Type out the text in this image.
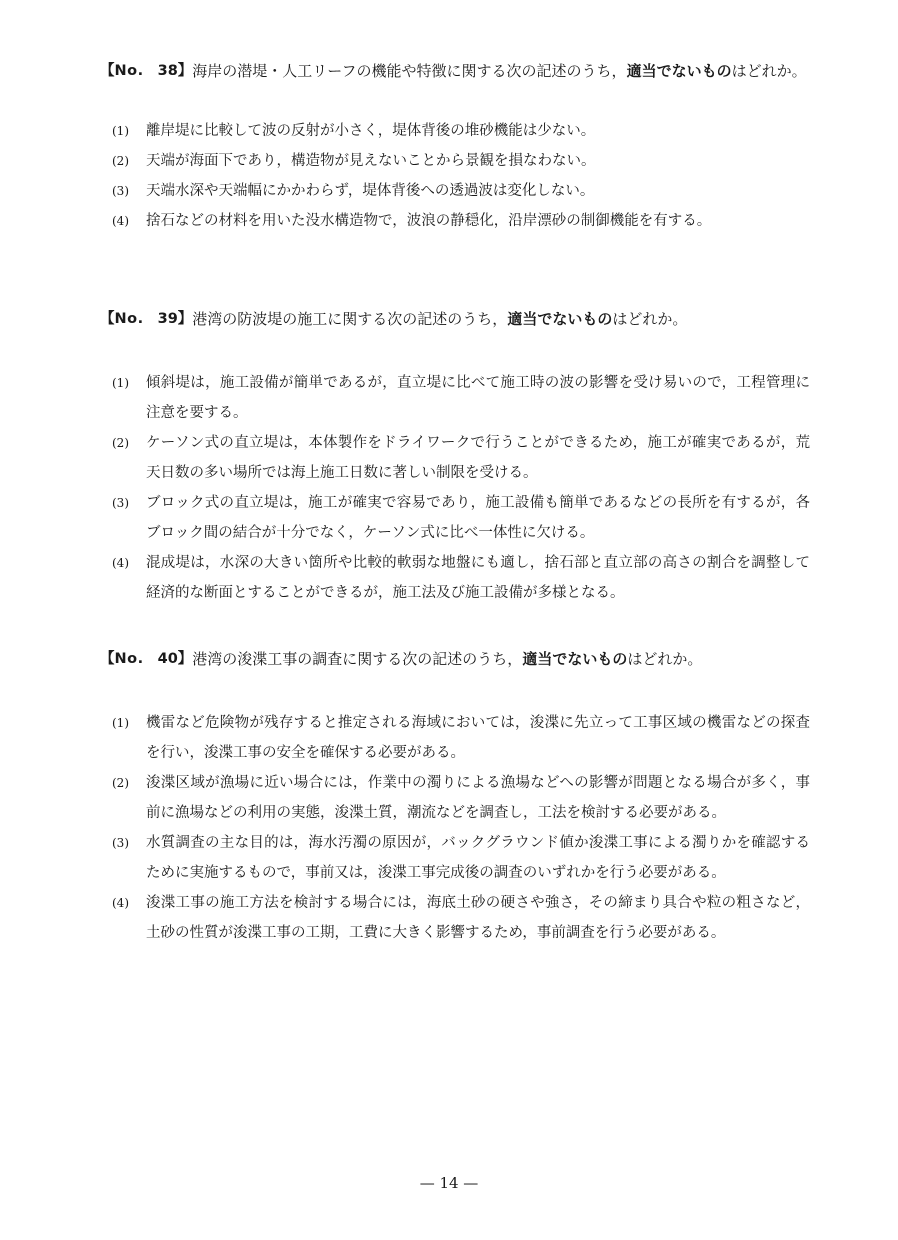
【No. 38】 海岸の潜堤・人工リーフの機能や特徴に関する次の記述のうち，適当でないものはどれか。
(1)	離岸堤に比較して波の反射が小さく，堤体背後の堆砂機能は少ない。
(2)	天端が海面下であり，構造物が見えないことから景観を損なわない。
(3)	天端水深や天端幅にかかわらず，堤体背後への透過波は変化しない。
(4)	捨石などの材料を用いた没水構造物で，波浪の静穏化，沿岸漂砂の制御機能を有する。
【No. 39】 港湾の防波堤の施工に関する次の記述のうち，適当でないものはどれか。
(1)	傾斜堤は，施工設備が簡単であるが，直立堤に比べて施工時の波の影響を受け易いので，工程管理に注意を要する。
(2)	ケーソン式の直立堤は，本体製作をドライワークで行うことができるため，施工が確実であるが，荒天日数の多い場所では海上施工日数に著しい制限を受ける。
(3)	ブロック式の直立堤は，施工が確実で容易であり，施工設備も簡単であるなどの長所を有するが，各ブロック間の結合が十分でなく，ケーソン式に比べ一体性に欠ける。
(4)	混成堤は，水深の大きい箇所や比較的軟弱な地盤にも適し，捨石部と直立部の高さの割合を調整して経済的な断面とすることができるが，施工法及び施工設備が多様となる。
【No. 40】 港湾の浚渫工事の調査に関する次の記述のうち，適当でないものはどれか。
(1)	機雷など危険物が残存すると推定される海域においては，浚渫に先立って工事区域の機雷などの探査を行い，浚渫工事の安全を確保する必要がある。
(2)	浚渫区域が漁場に近い場合には，作業中の濁りによる漁場などへの影響が問題となる場合が多く，事前に漁場などの利用の実態，浚渫土質，潮流などを調査し，工法を検討する必要がある。
(3)	水質調査の主な目的は，海水汚濁の原因が，バックグラウンド値か浚渫工事による濁りかを確認するために実施するもので，事前又は，浚渫工事完成後の調査のいずれかを行う必要がある。
(4)	浚渫工事の施工方法を検討する場合には，海底土砂の硬さや強さ，その締まり具合や粒の粗さなど，土砂の性質が浚渫工事の工期，工費に大きく影響するため，事前調査を行う必要がある。
— 14 —
